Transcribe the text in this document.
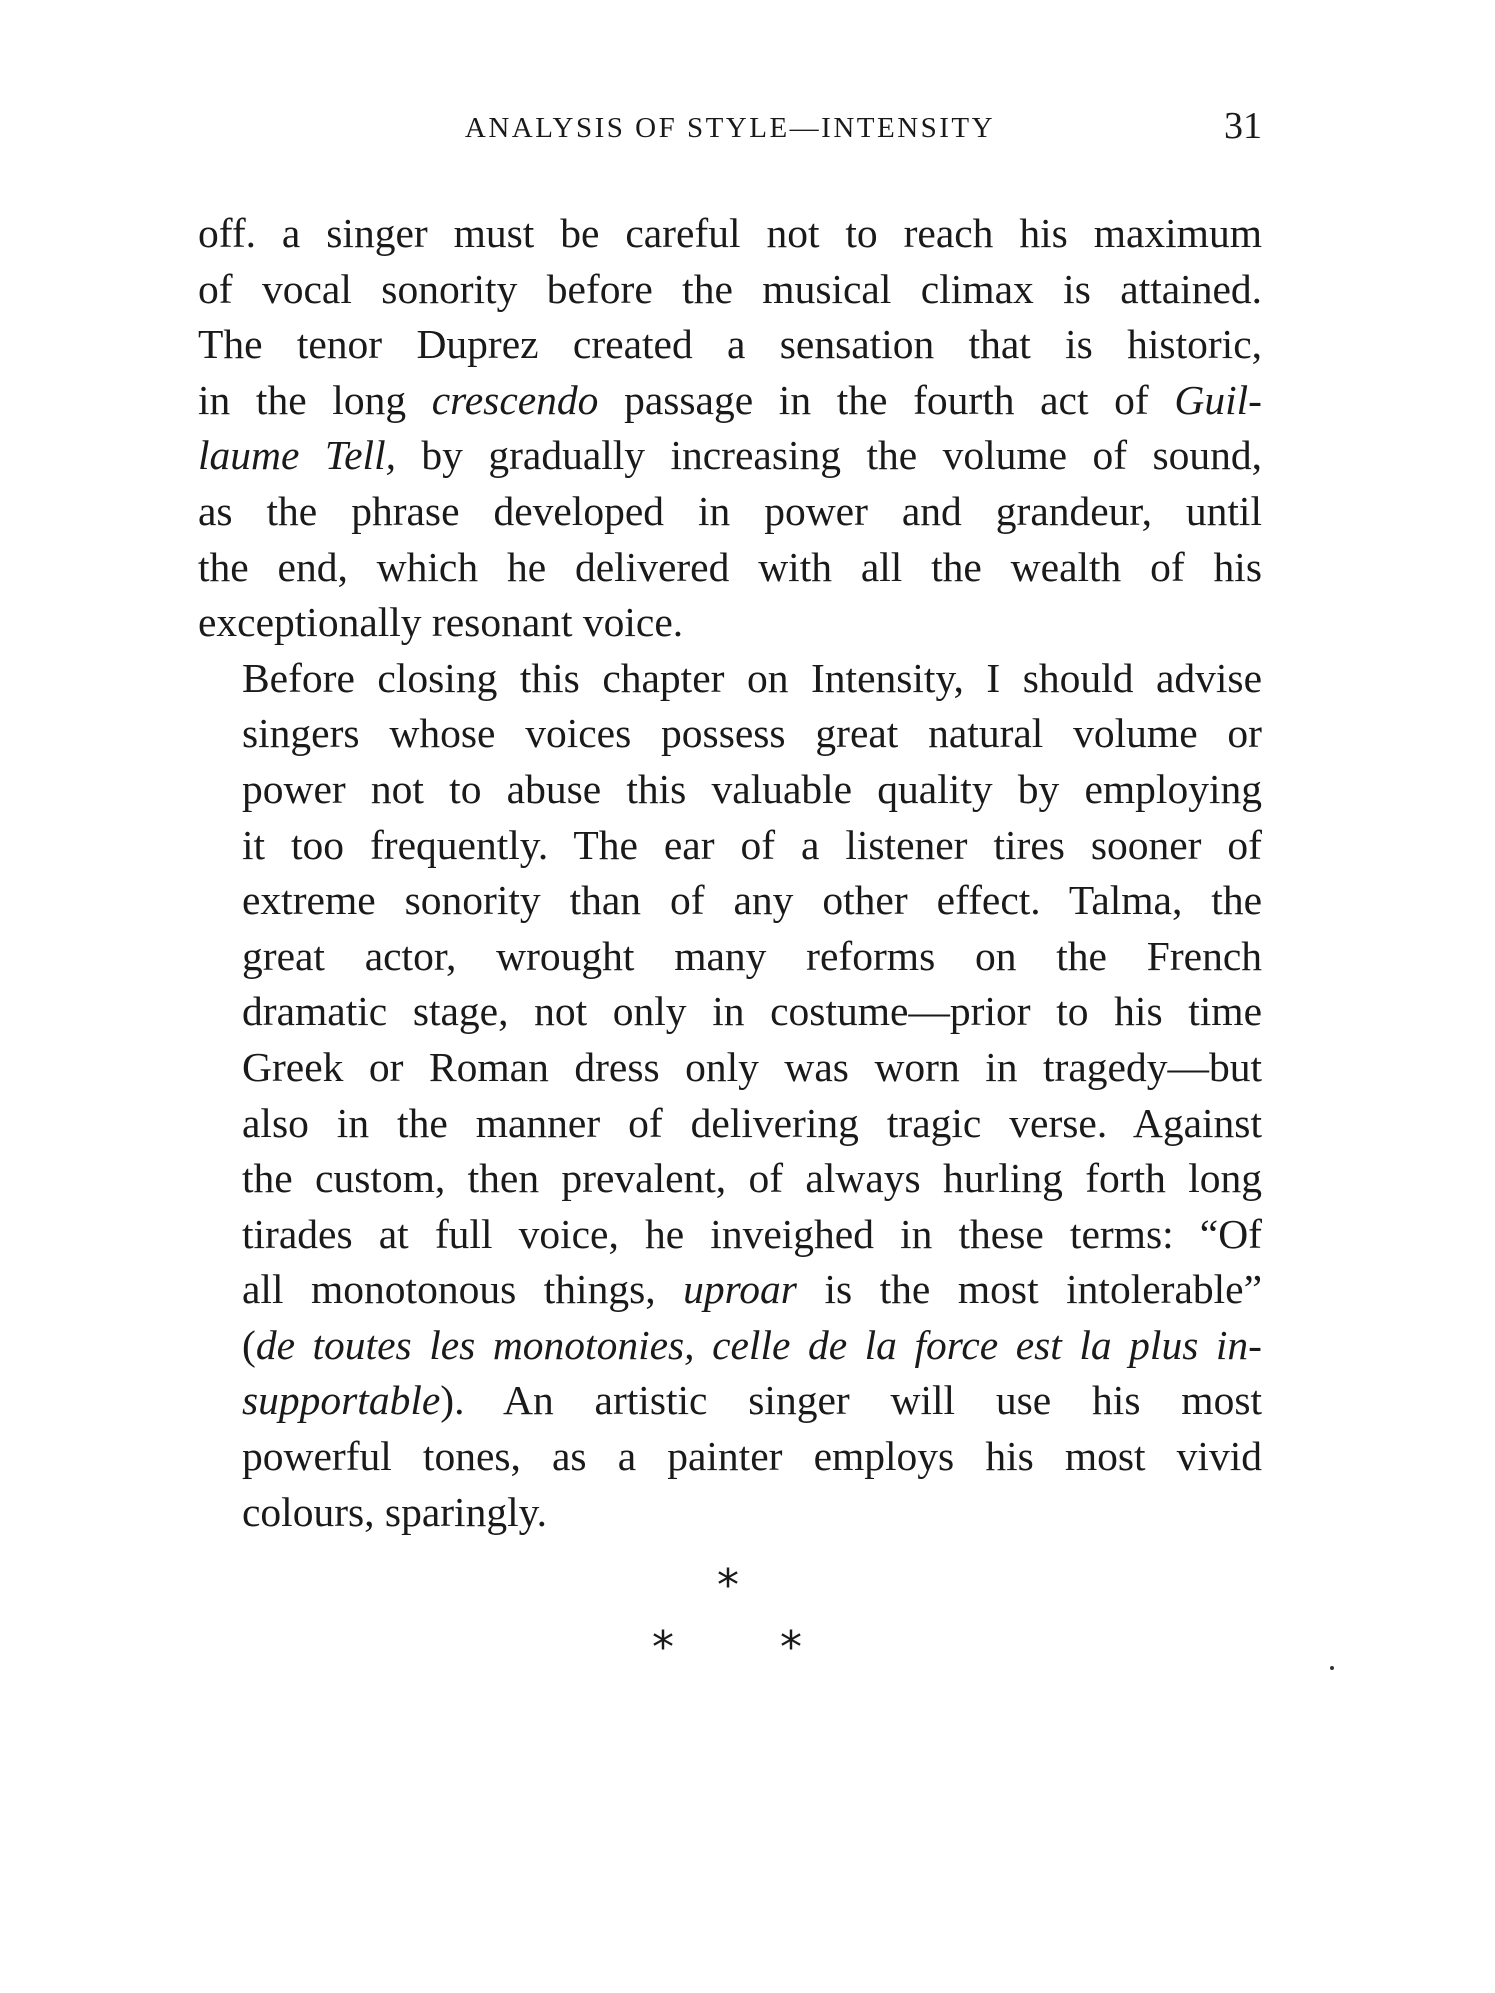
ANALYSIS OF STYLE—INTENSITY	31

off. a singer must be careful not to reach his maximum
of vocal sonority before the musical climax is attained.
The tenor Duprez created a sensation that is historic,
in the long crescendo passage in the fourth act of Guil-
laume Tell, by gradually increasing the volume of sound,
as the phrase developed in power and grandeur, until
the end, which he delivered with all the wealth of his
exceptionally resonant voice.

Before closing this chapter on Intensity, I should advise
singers whose voices possess great natural volume or
power not to abuse this valuable quality by employing
it too frequently. The ear of a listener tires sooner of
extreme sonority than of any other effect. Talma, the
great actor, wrought many reforms on the French
dramatic stage, not only in costume—prior to his time
Greek or Roman dress only was worn in tragedy—but
also in the manner of delivering tragic verse. Against
the custom, then prevalent, of always hurling forth long
tirades at full voice, he inveighed in these terms: “Of
all monotonous things, uproar is the most intolerable”
(de toutes les monotonies, celle de la force est la plus in-
supportable). An artistic singer will use his most
powerful tones, as a painter employs his most vivid
colours, sparingly.

*
* *
